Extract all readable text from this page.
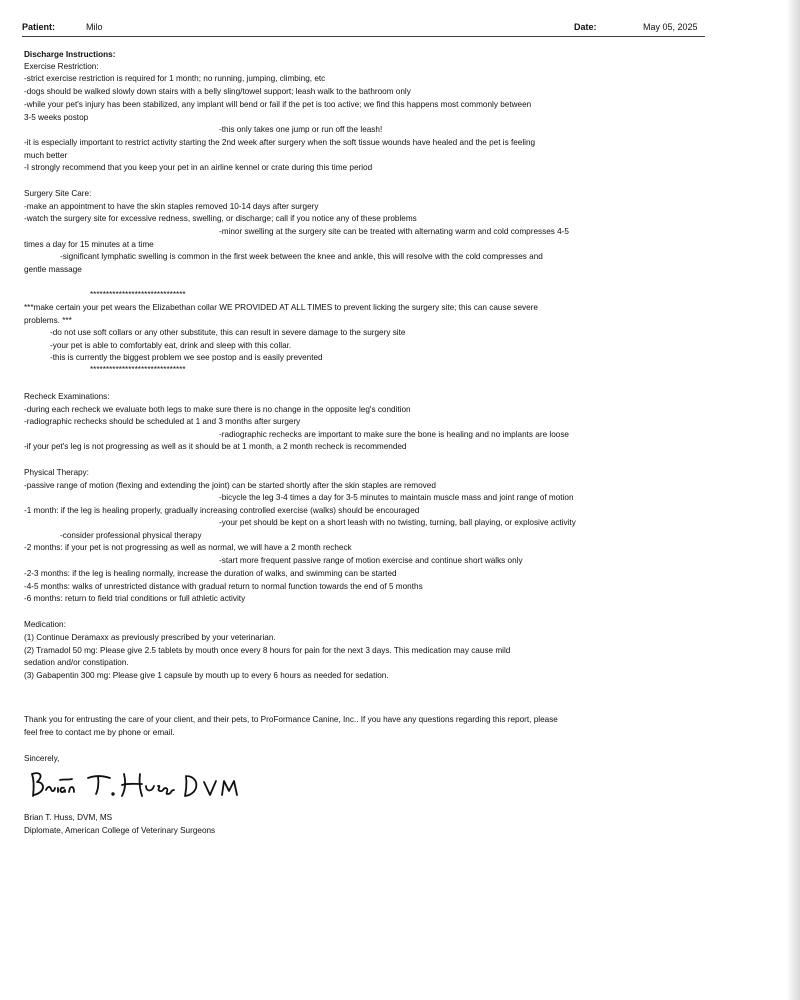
Patient:	Milo	Date:	May 05, 2025
Discharge Instructions:
Exercise Restriction:
-strict exercise restriction is required for 1 month; no running, jumping, climbing, etc
-dogs should be walked slowly down stairs with a belly sling/towel support; leash walk to the bathroom only
-while your pet's injury has been stabilized, any implant will bend or fail if the pet is too active; we find this happens most commonly between
3-5 weeks postop
-this only takes one jump or run off the leash!
-it is especially important to restrict activity starting the 2nd week after surgery when the soft tissue wounds have healed and the pet is feeling
much better
-I strongly recommend that you keep your pet in an airline kennel or crate during this time period
Surgery Site Care:
-make an appointment to have the skin staples removed 10-14 days after surgery
-watch the surgery site for excessive redness, swelling, or discharge; call if you notice any of these problems
-minor swelling at the surgery site can be treated with alternating warm and cold compresses 4-5
times a day for 15 minutes at a time
-significant lymphatic swelling is common in the first week between the knee and ankle, this will resolve with the cold compresses and
gentle massage
******************************
***make certain your pet wears the Elizabethan collar WE PROVIDED AT ALL TIMES to prevent licking the surgery site; this can cause severe
problems. ***
-do not use soft collars or any other substitute, this can result in severe damage to the surgery site
-your pet is able to comfortably eat, drink and sleep with this collar.
-this is currently the biggest problem we see postop and is easily prevented
******************************
Recheck Examinations:
-during each recheck we evaluate both legs to make sure there is no change in the opposite leg's condition
-radiographic rechecks should be scheduled at 1 and 3 months after surgery
-radiographic rechecks are important to make sure the bone is healing and no implants are loose
-if your pet's leg is not progressing as well as it should be at 1 month, a 2 month recheck is recommended
Physical Therapy:
-passive range of motion (flexing and extending the joint) can be started shortly after the skin staples are removed
-bicycle the leg 3-4 times a day for 3-5 minutes to maintain muscle mass and joint range of motion
-1 month: if the leg is healing properly, gradually increasing controlled exercise (walks) should be encouraged
-your pet should be kept on a short leash with no twisting, turning, ball playing, or explosive activity
-consider professional physical therapy
-2 months: if your pet is not progressing as well as normal, we will have a 2 month recheck
-start more frequent passive range of motion exercise and continue short walks only
-2-3 months: if the leg is healing normally, increase the duration of walks, and swimming can be started
-4-5 months: walks of unrestricted distance with gradual return to normal function towards the end of 5 months
-6 months: return to field trial conditions or full athletic activity
Medication:
(1) Continue Deramaxx as previously prescribed by your veterinarian.
(2) Tramadol 50 mg: Please give 2.5 tablets by mouth once every 8 hours for pain for the next 3 days. This medication may cause mild
sedation and/or constipation.
(3) Gabapentin 300 mg: Please give 1 capsule by mouth up to every 6 hours as needed for sedation.
Thank you for entrusting the care of your client, and their pets, to ProFormance Canine, Inc.. If you have any questions regarding this report, please
feel free to contact me by phone or email.
Sincerely,
Brian T. Huss, DVM, MS
Diplomate, American College of Veterinary Surgeons
